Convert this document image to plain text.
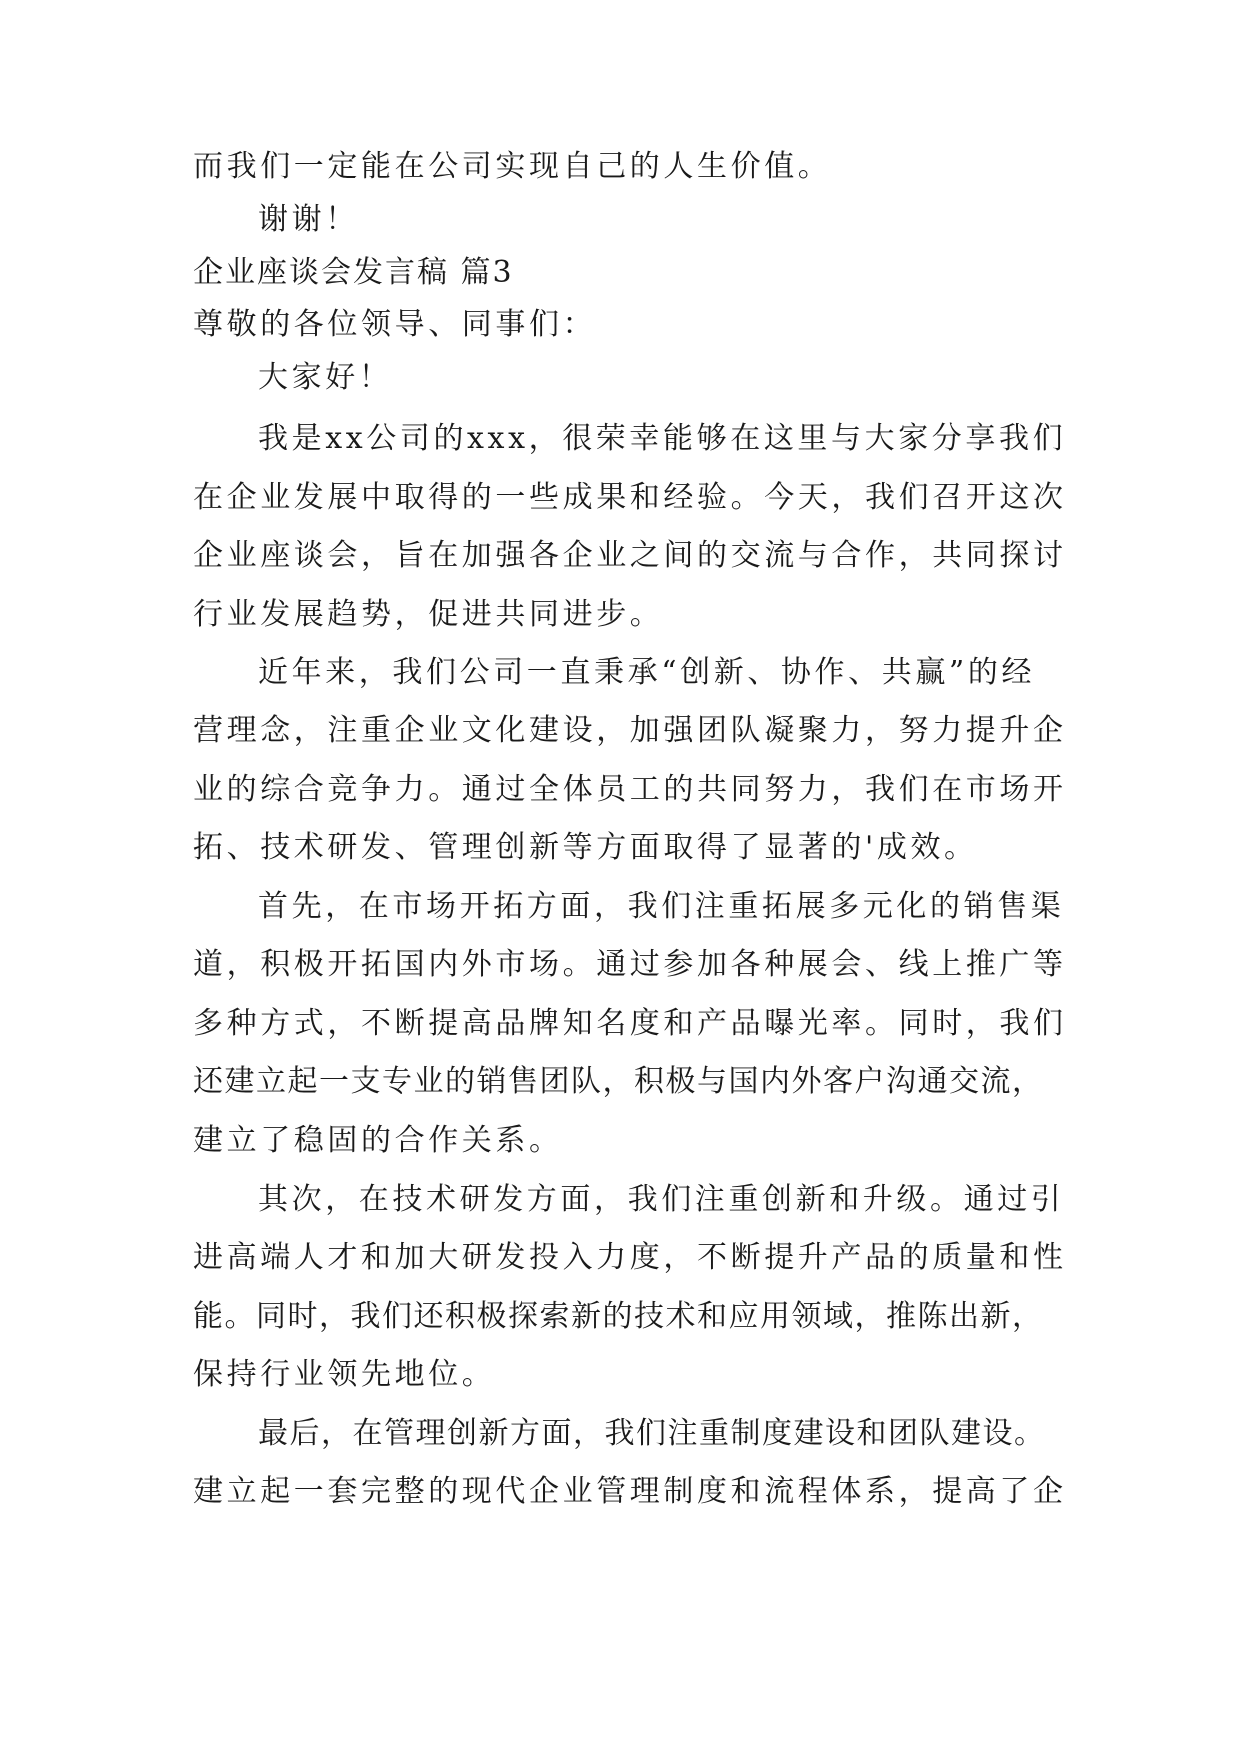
而我们一定能在公司实现自己的人生价值。
谢谢！
企业座谈会发言稿 篇3
尊敬的各位领导、同事们：
大家好！
我是xx公司的xxx，很荣幸能够在这里与大家分享我们
在企业发展中取得的一些成果和经验。今天，我们召开这次
企业座谈会，旨在加强各企业之间的交流与合作，共同探讨
行业发展趋势，促进共同进步。
近年来，我们公司一直秉承“创新、协作、共赢”的经
营理念，注重企业文化建设，加强团队凝聚力，努力提升企
业的综合竞争力。通过全体员工的共同努力，我们在市场开
拓、技术研发、管理创新等方面取得了显著的'成效。
首先，在市场开拓方面，我们注重拓展多元化的销售渠
道，积极开拓国内外市场。通过参加各种展会、线上推广等
多种方式，不断提高品牌知名度和产品曝光率。同时，我们
还建立起一支专业的销售团队，积极与国内外客户沟通交流，
建立了稳固的合作关系。
其次，在技术研发方面，我们注重创新和升级。通过引
进高端人才和加大研发投入力度，不断提升产品的质量和性
能。同时，我们还积极探索新的技术和应用领域，推陈出新，
保持行业领先地位。
最后，在管理创新方面，我们注重制度建设和团队建设。
建立起一套完整的现代企业管理制度和流程体系，提高了企
